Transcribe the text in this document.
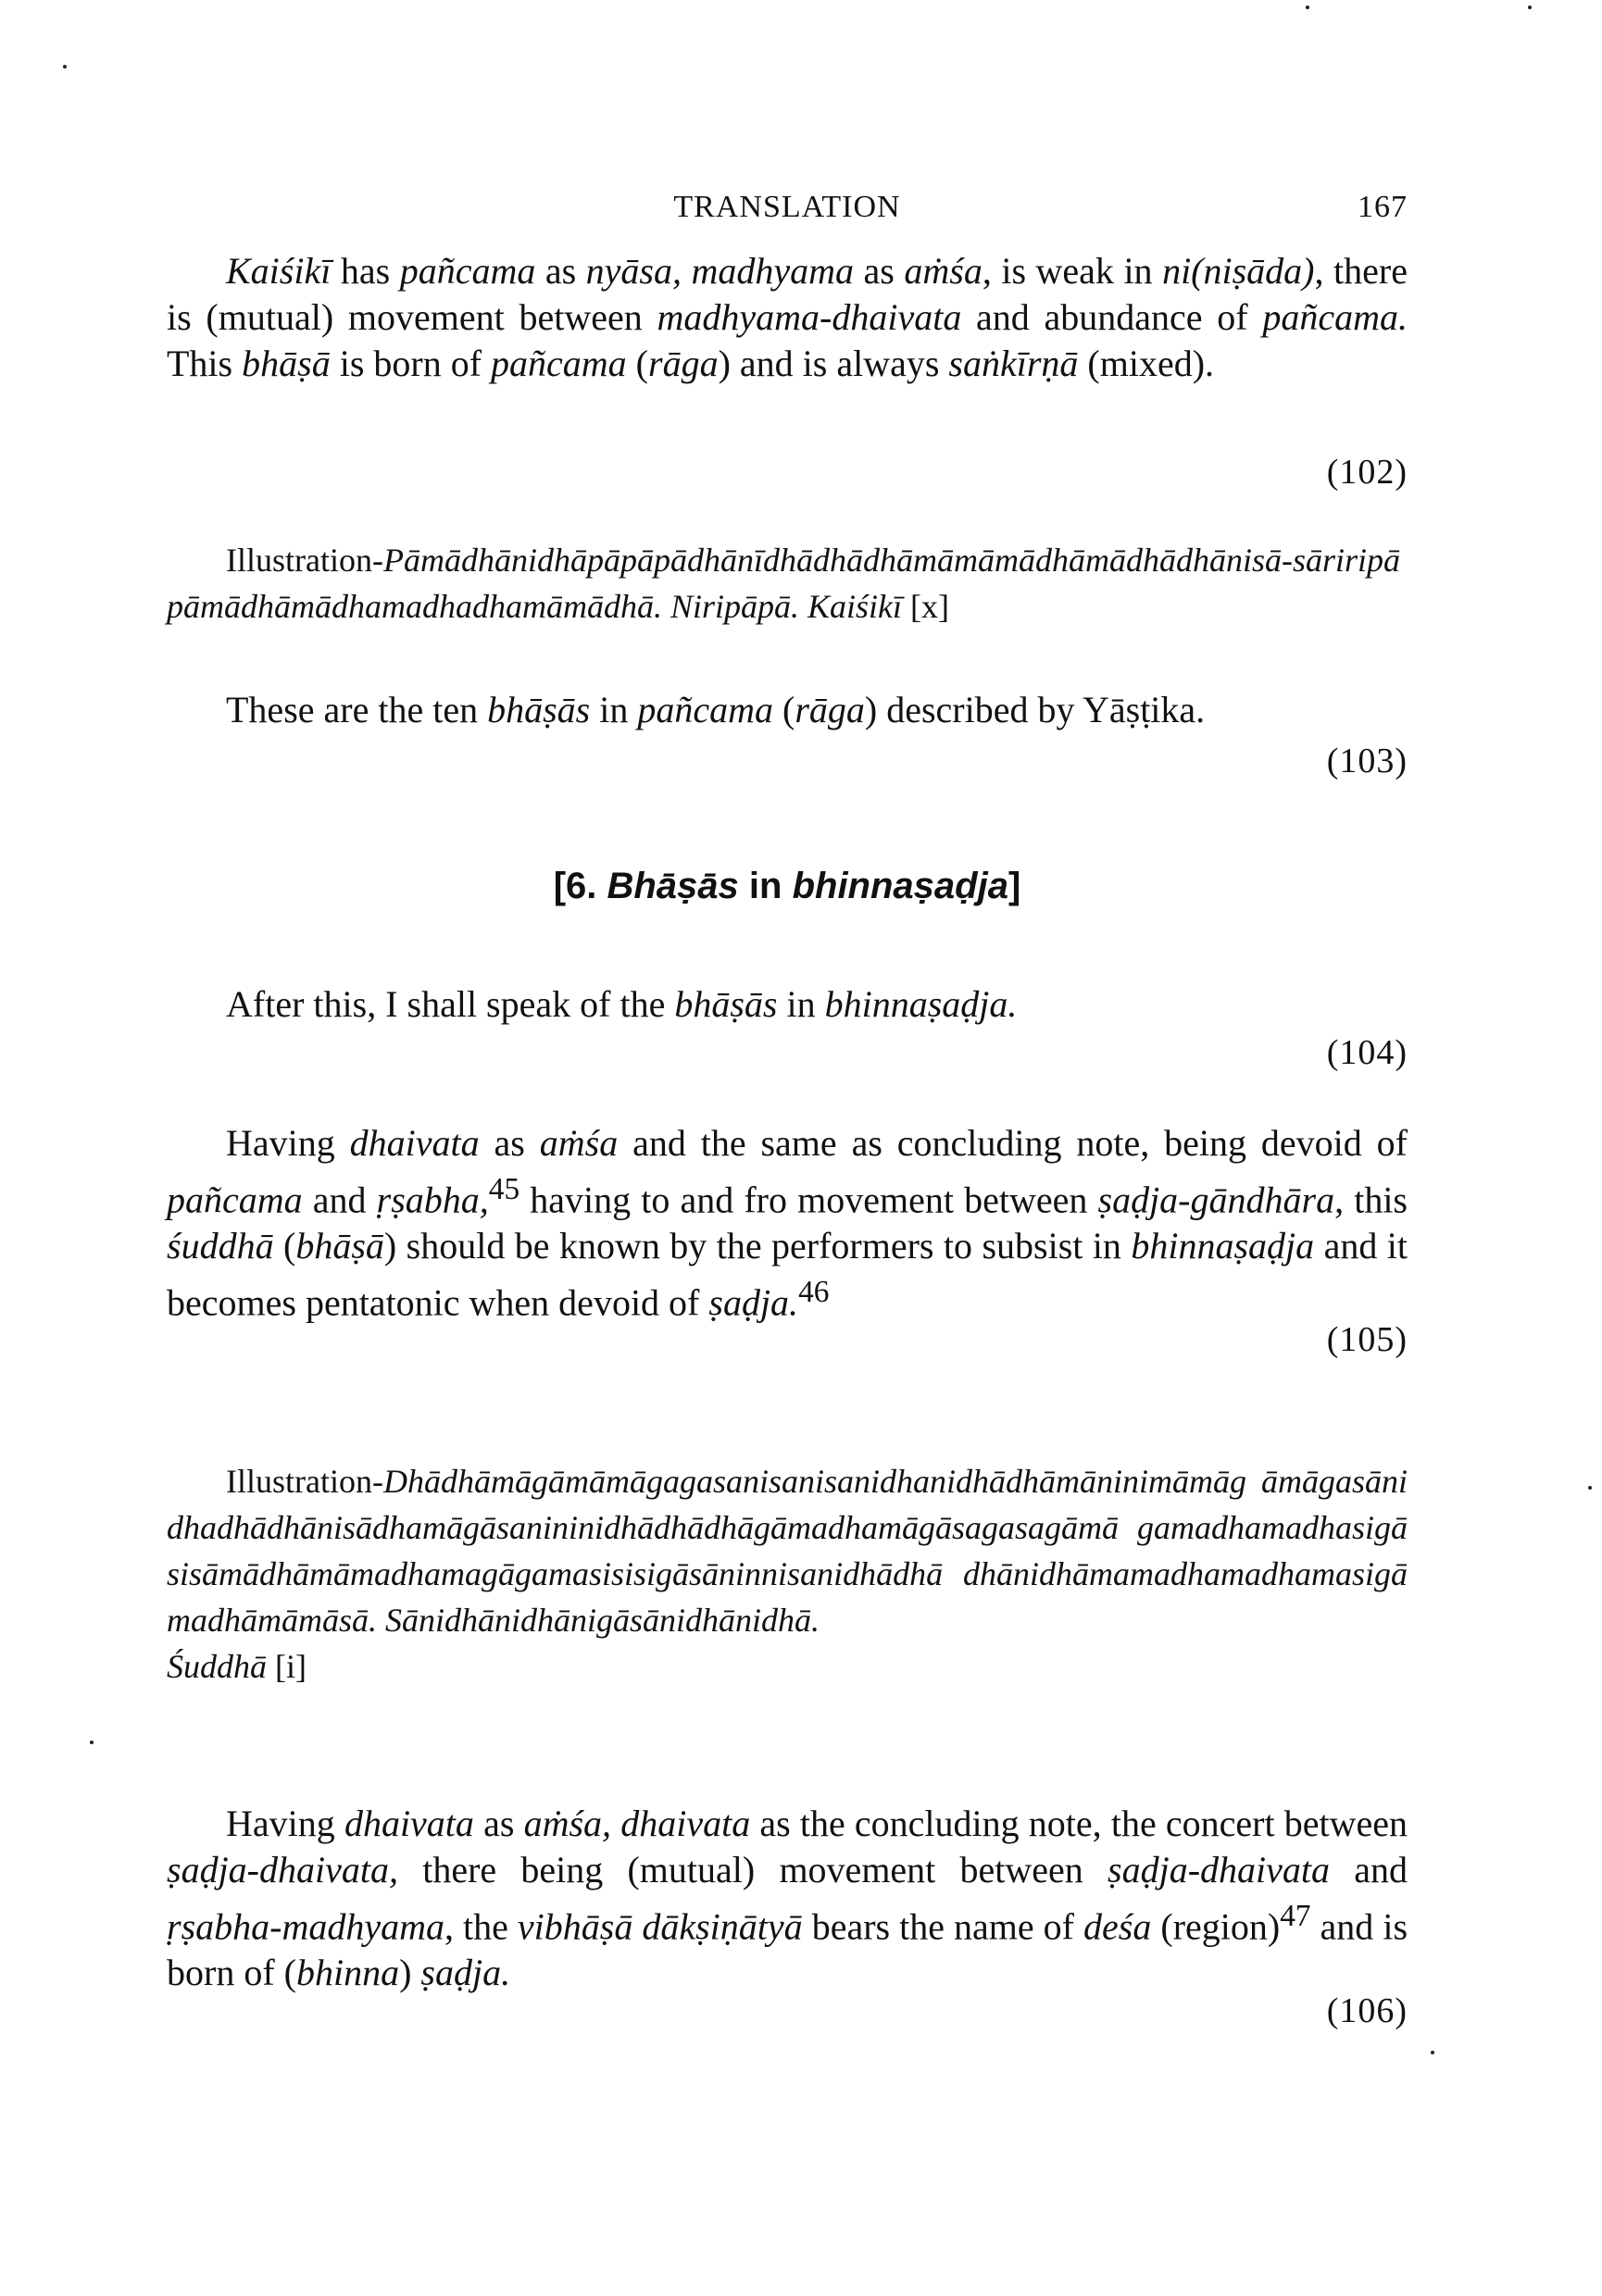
TRANSLATION	167

Kaiśikī has pañcama as nyāsa, madhyama as aṁśa, is weak in ni(niṣāda), there is (mutual) movement between madhyama-dhaivata and abundance of pañcama. This bhāṣā is born of pañcama (rāga) and is always saṅkīrṇā (mixed).

(102)

Illustration-Pāmādhānidhāpāpāpādhānīdhādhādhāmāmāmādhāmādhādhānisā-sāriripāpāmādhāmādhamadhadhamāmādhā. Niripāpā. Kaiśikī [x]

These are the ten bhāṣās in pañcama (rāga) described by Yāṣṭika.

(103)
[6. Bhāṣās in bhinnaṣaḍja]

After this, I shall speak of the bhāṣās in bhinnaṣaḍja.

(104)

Having dhaivata as aṁśa and the same as concluding note, being devoid of pañcama and ṛṣabha,$^{45}$ having to and fro movement between ṣaḍja-gāndhāra, this śuddhā (bhāṣā) should be known by the performers to subsist in bhinnaṣaḍja and it becomes pentatonic when devoid of ṣaḍja.$^{46}$

(105)

Illustration-Dhādhāmāgāmāmāgagasanisanisanidhanidhādhāmāninimāmāg āmāgasānidhadhādhānisādhamāgāsanininidhādhādhāgāmadhamāgāsagasagāmā gamadhamadhasigāsisāmādhāmāmadhamagāgamasisisigāsāninnisanidhādhā dhānidhāmamadhamadhamasigāmadhāmāmāsā. Sānidhānidhānigāsānidhānidhā.

Śuddhā [i]

Having dhaivata as aṁśa, dhaivata as the concluding note, the concert between ṣaḍja-dhaivata, there being (mutual) movement between ṣaḍja-dhaivata and ṛṣabha-madhyama, the vibhāṣā dākṣiṇātyā bears the name of deśa (region)$^{47}$ and is born of (bhinna) ṣaḍja.

(106)
